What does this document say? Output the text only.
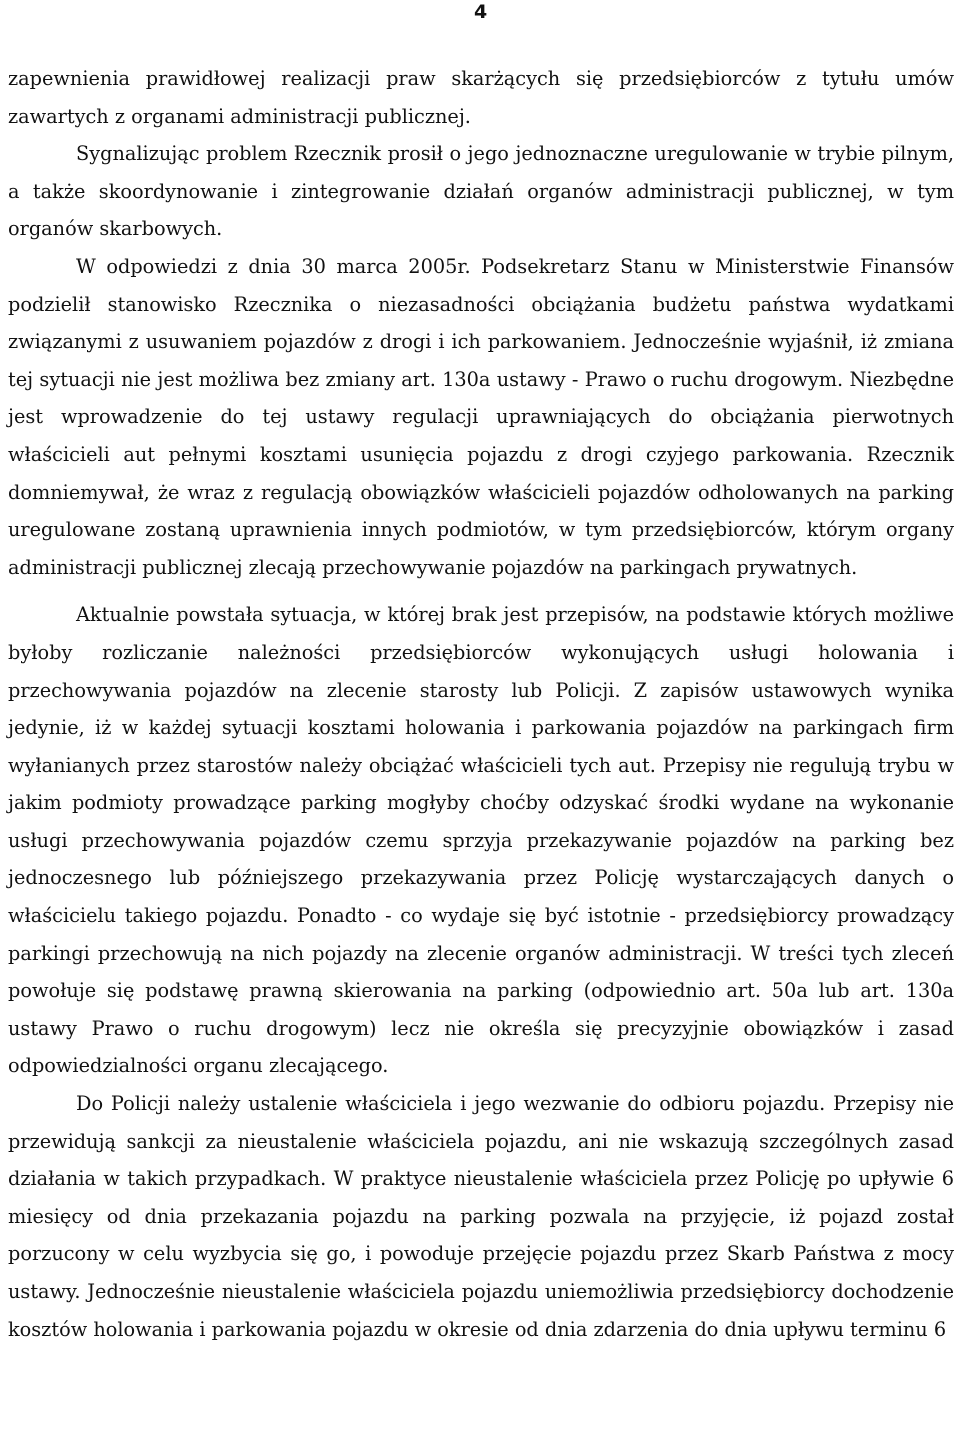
4

zapewnienia prawidłowej realizacji praw skarżących się przedsiębiorców z tytułu umów zawartych z organami administracji publicznej.

Sygnalizując problem Rzecznik prosił o jego jednoznaczne uregulowanie w trybie pilnym, a także skoordynowanie i zintegrowanie działań organów administracji publicznej, w tym organów skarbowych.

W odpowiedzi z dnia 30 marca 2005r. Podsekretarz Stanu w Ministerstwie Finansów podzielił stanowisko Rzecznika o niezasadności obciążania budżetu państwa wydatkami związanymi z usuwaniem pojazdów z drogi i ich parkowaniem. Jednocześnie wyjaśnił, iż zmiana tej sytuacji nie jest możliwa bez zmiany art. 130a ustawy - Prawo o ruchu drogowym. Niezbędne jest wprowadzenie do tej ustawy regulacji uprawniających do obciążania pierwotnych właścicieli aut pełnymi kosztami usunięcia pojazdu z drogi czyjego parkowania. Rzecznik domniemywał, że wraz z regulacją obowiązków właścicieli pojazdów odholowanych na parking uregulowane zostaną uprawnienia innych podmiotów, w tym przedsiębiorców, którym organy administracji publicznej zlecają przechowywanie pojazdów na parkingach prywatnych.

Aktualnie powstała sytuacja, w której brak jest przepisów, na podstawie których możliwe byłoby rozliczanie należności przedsiębiorców wykonujących usługi holowania i przechowywania pojazdów na zlecenie starosty lub Policji. Z zapisów ustawowych wynika jedynie, iż w każdej sytuacji kosztami holowania i parkowania pojazdów na parkingach firm wyłanianych przez starostów należy obciążać właścicieli tych aut. Przepisy nie regulują trybu w jakim podmioty prowadzące parking mogłyby choćby odzyskać środki wydane na wykonanie usługi przechowywania pojazdów czemu sprzyja przekazywanie pojazdów na parking bez jednoczesnego lub późniejszego przekazywania przez Policję wystarczających danych o właścicielu takiego pojazdu. Ponadto - co wydaje się być istotnie - przedsiębiorcy prowadzący parkingi przechowują na nich pojazdy na zlecenie organów administracji. W treści tych zleceń powołuje się podstawę prawną skierowania na parking (odpowiednio art. 50a lub art. 130a ustawy Prawo o ruchu drogowym) lecz nie określa się precyzyjnie obowiązków i zasad odpowiedzialności organu zlecającego.

Do Policji należy ustalenie właściciela i jego wezwanie do odbioru pojazdu. Przepisy nie przewidują sankcji za nieustalenie właściciela pojazdu, ani nie wskazują szczególnych zasad działania w takich przypadkach. W praktyce nieustalenie właściciela przez Policję po upływie 6 miesięcy od dnia przekazania pojazdu na parking pozwala na przyjęcie, iż pojazd został porzucony w celu wyzbycia się go, i powoduje przejęcie pojazdu przez Skarb Państwa z mocy ustawy. Jednocześnie nieustalenie właściciela pojazdu uniemożliwia przedsiębiorcy dochodzenie kosztów holowania i parkowania pojazdu w okresie od dnia zdarzenia do dnia upływu terminu 6
